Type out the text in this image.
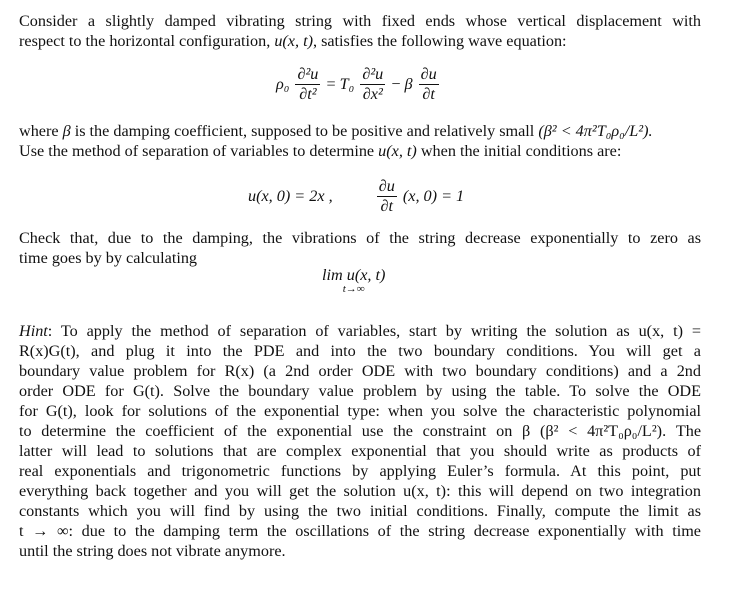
Consider a slightly damped vibrating string with fixed ends whose vertical displacement with
respect to the horizontal configuration, u(x, t), satisfies the following wave equation:
$\rho_0 \frac{\text{∂²u}}{\text{∂t²}} = T_0 \frac{\text{∂²u}}{\text{∂x²}} - \beta \frac{\partial u}{\partial t}$
where β is the damping coefficient, supposed to be positive and relatively small (β² < 4π²T₀ρ₀/L²).
Use the method of separation of variables to determine u(x, t) when the initial conditions are:
u(x, 0) = 2x ,	$\frac{\partial u}{\partial t} (x$, 0) = 1
Check that, due to the damping, the vibrations of the string decrease exponentially to zero as
time goes by by calculating
lim u(x, t)
t→∞
Hint: To apply the method of separation of variables, start by writing the solution as u(x, t) =
R(x)G(t), and plug it into the PDE and into the two boundary conditions. You will get a
boundary value problem for R(x) (a 2nd order ODE with two boundary conditions) and a 2nd
order ODE for G(t). Solve the boundary value problem by using the table. To solve the ODE
for G(t), look for solutions of the exponential type: when you solve the characteristic polynomial
to determine the coefficient of the exponential use the constraint on β (β² < 4π²T₀ρ₀/L²). The
latter will lead to solutions that are complex exponential that you should write as products of
real exponentials and trigonometric functions by applying Euler’s formula. At this point, put
everything back together and you will get the solution u(x, t): this will depend on two integration
constants which you will find by using the two initial conditions. Finally, compute the limit as
t → ∞: due to the damping term the oscillations of the string decrease exponentially with time
until the string does not vibrate anymore.
